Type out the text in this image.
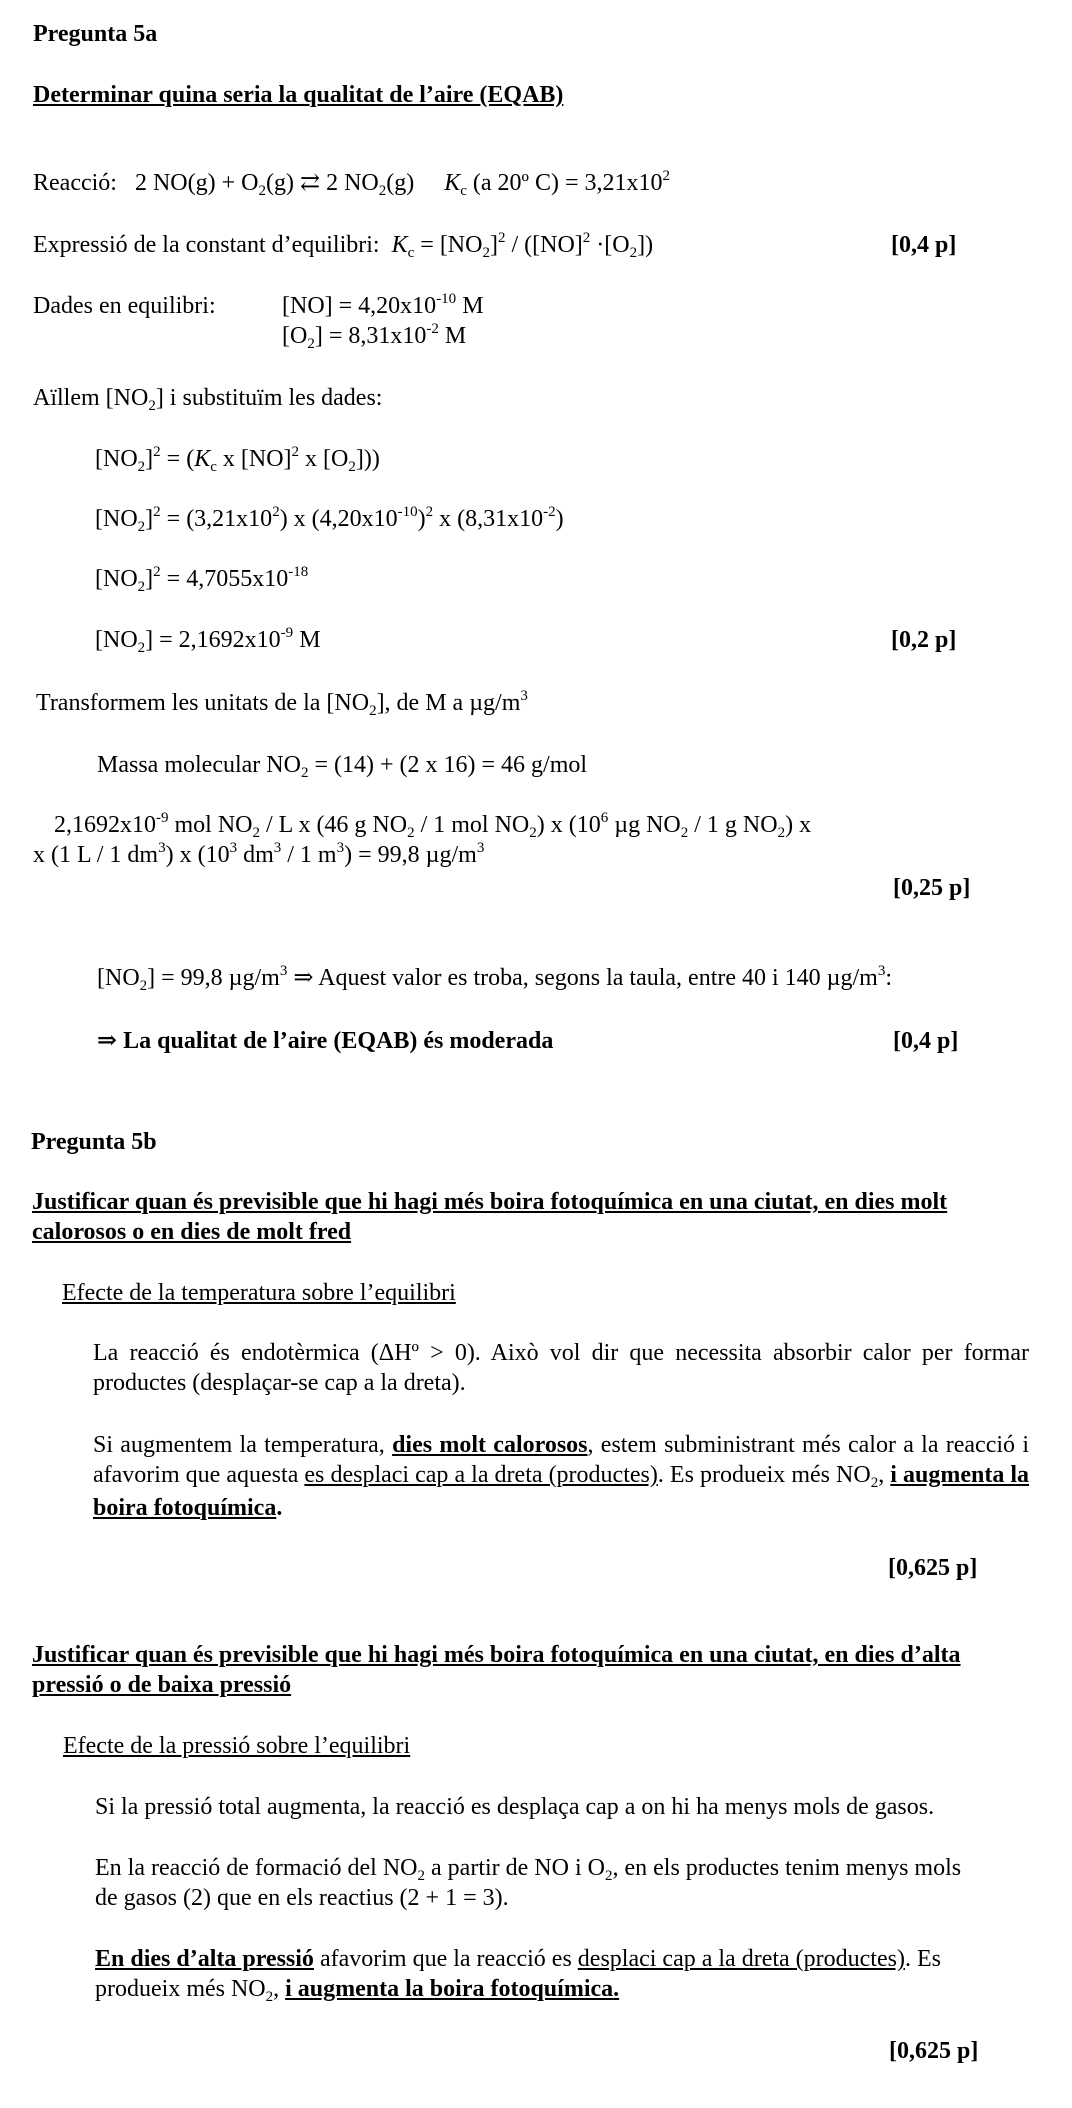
Pregunta 5a
Determinar quina seria la qualitat de l’aire (EQAB)
Reacció:   2 $NO(g) + O_2(g)$ ⇄ 2 $NO_2(g)$     $K_c$ (a 20º $C) = 3,21x10^2$
Expressió de la constant d’equilibri: $K_c = [NO_2]^2 / ([NO]^2 \cdot[O_2])$	[0,4 p]
Dades en equilibri:	$[NO] = 4,20x10^{-10}$ M
$[O_2] = 8,31x10^{-2}$ M
Aïllem $[NO_2]$ i substituïm les dades:
$[NO_2]^2 = (K_c$ x [NO]$^2$ x $[O_2]$))
$[NO_2]^2 = (3,21x10^2)$ x $(4,20x10^{-10})^2$ x $(8,31x10^{-2})$
$[NO_2]^2 = 4,7055x10^{-18}$
$[NO_2] = 2,1692x10^{-9}$ M	[0,2 p]
Transformem les unitats de la $[NO_2]$, de M a $\mu g/m^3$
Massa molecular $NO_2 = (14) + (2$ x 16) = 46 g/mol
$2,1692x10^{-9}$ mol $NO_2$ / L x (46 g $NO_2 / 1$ mol $NO_2$) x ($10^6$ µg $NO_2 / 1$ g $NO_2$) x
x (1 L / 1 $dm^3$) x ($10^3$ $dm^3 / 1$ $m^3) = 99,8$ $\mu g/m^3$
[0,25 p]
$[NO_2] = 99,8$ $\mu g/m^3$ ⇒ Aquest valor es troba, segons la taula, entre 40 i 140 $\mu g/m^3$:
⇒ La qualitat de l’aire (EQAB) és moderada	[0,4 p]
Pregunta 5b
Justificar quan és previsible que hi hagi més boira fotoquímica en una ciutat, en dies molt
calorosos o en dies de molt fred
Efecte de la temperatura sobre l’equilibri
La reacció és endotèrmica (ΔHº > 0). Això vol dir que necessita absorbir calor per formar productes (desplaçar-se cap a la dreta).
Si augmentem la temperatura, dies molt calorosos, estem subministrant més calor a la reacció i afavorim que aquesta es desplaci cap a la dreta (productes). Es produeix més $NO_2$, i augmenta la boira fotoquímica.
[0,625 p]
Justificar quan és previsible que hi hagi més boira fotoquímica en una ciutat, en dies d’alta
pressió o de baixa pressió
Efecte de la pressió sobre l’equilibri
Si la pressió total augmenta, la reacció es desplaça cap a on hi ha menys mols de gasos.
En la reacció de formació del $NO_2$ a partir de NO i $O_2$, en els productes tenim menys mols
de gasos (2) que en els reactius (2 + 1 = 3).
En dies d’alta pressió afavorim que la reacció es desplaci cap a la dreta (productes). Es
produeix més $NO_2$, i augmenta la boira fotoquímica.
[0,625 p]
